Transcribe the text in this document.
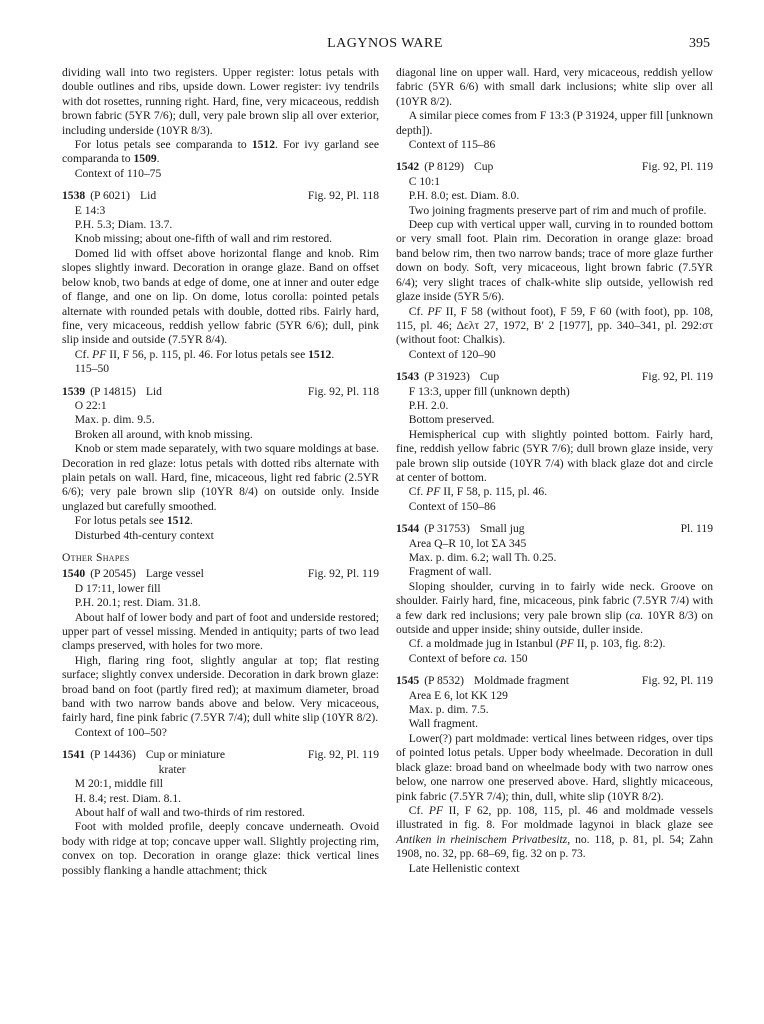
LAGYNOS WARE	395

dividing wall into two registers. Upper register: lotus petals with double outlines and ribs, upside down. Lower register: ivy tendrils with dot rosettes, running right. Hard, fine, very micaceous, reddish brown fabric (5YR 7/6); dull, very pale brown slip all over exterior, including underside (10YR 8/3).

For lotus petals see comparanda to 1512. For ivy garland see comparanda to 1509.

Context of 110–75

1538 (P 6021) Lid	Fig. 92, Pl. 118

E 14:3

P.H. 5.3; Diam. 13.7.

Knob missing; about one-fifth of wall and rim restored.

Domed lid with offset above horizontal flange and knob. Rim slopes slightly inward. Decoration in orange glaze. Band on offset below knob, two bands at edge of dome, one at inner and outer edge of flange, and one on lip. On dome, lotus corolla: pointed petals alternate with rounded petals with double, dotted ribs. Fairly hard, fine, very micaceous, reddish yellow fabric (5YR 6/6); dull, pink slip inside and outside (7.5YR 8/4).

Cf. PF II, F 56, p. 115, pl. 46. For lotus petals see 1512.

115–50

1539 (P 14815) Lid	Fig. 92, Pl. 118

O 22:1

Max. p. dim. 9.5.

Broken all around, with knob missing.

Knob or stem made separately, with two square moldings at base. Decoration in red glaze: lotus petals with dotted ribs alternate with plain petals on wall. Hard, fine, micaceous, light red fabric (2.5YR 6/6); very pale brown slip (10YR 8/4) on outside only. Inside unglazed but carefully smoothed.

For lotus petals see 1512.

Disturbed 4th-century context

Other Shapes

1540 (P 20545) Large vessel	Fig. 92, Pl. 119

D 17:11, lower fill

P.H. 20.1; rest. Diam. 31.8.

About half of lower body and part of foot and underside restored; upper part of vessel missing. Mended in antiquity; parts of two lead clamps preserved, with holes for two more.

High, flaring ring foot, slightly angular at top; flat resting surface; slightly convex underside. Decoration in dark brown glaze: broad band on foot (partly fired red); at maximum diameter, broad band with two narrow bands above and below. Very micaceous, fairly hard, fine pink fabric (7.5YR 7/4); dull white slip (10YR 8/2).

Context of 100–50?

1541 (P 14436) Cup or miniature
krater
Fig. 92, Pl. 119

M 20:1, middle fill

H. 8.4; rest. Diam. 8.1.

About half of wall and two-thirds of rim restored.

Foot with molded profile, deeply concave underneath. Ovoid body with ridge at top; concave upper wall. Slightly projecting rim, convex on top. Decoration in orange glaze: thick vertical lines possibly flanking a handle attachment; thick

diagonal line on upper wall. Hard, very micaceous, reddish yellow fabric (5YR 6/6) with small dark inclusions; white slip over all (10YR 8/2).

A similar piece comes from F 13:3 (P 31924, upper fill [unknown depth]).

Context of 115–86

1542 (P 8129) Cup	Fig. 92, Pl. 119

C 10:1

P.H. 8.0; est. Diam. 8.0.

Two joining fragments preserve part of rim and much of profile.

Deep cup with vertical upper wall, curving in to rounded bottom or very small foot. Plain rim. Decoration in orange glaze: broad band below rim, then two narrow bands; trace of more glaze further down on body. Soft, very micaceous, light brown fabric (7.5YR 6/4); very slight traces of chalk-white slip outside, yellowish red glaze inside (5YR 5/6).

Cf. PF II, F 58 (without foot), F 59, F 60 (with foot), pp. 108, 115, pl. 46; Δελτ 27, 1972, B′ 2 [1977], pp. 340–341, pl. 292:στ (without foot: Chalkis).

Context of 120–90

1543 (P 31923) Cup	Fig. 92, Pl. 119

F 13:3, upper fill (unknown depth)

P.H. 2.0.

Bottom preserved.

Hemispherical cup with slightly pointed bottom. Fairly hard, fine, reddish yellow fabric (5YR 7/6); dull brown glaze inside, very pale brown slip outside (10YR 7/4) with black glaze dot and circle at center of bottom.

Cf. PF II, F 58, p. 115, pl. 46.

Context of 150–86

1544 (P 31753) Small jug	Pl. 119

Area Q–R 10, lot ΣΑ 345

Max. p. dim. 6.2; wall Th. 0.25.

Fragment of wall.

Sloping shoulder, curving in to fairly wide neck. Groove on shoulder. Fairly hard, fine, micaceous, pink fabric (7.5YR 7/4) with a few dark red inclusions; very pale brown slip (ca. 10YR 8/3) on outside and upper inside; shiny outside, duller inside.

Cf. a moldmade jug in Istanbul (PF II, p. 103, fig. 8:2).

Context of before ca. 150

1545 (P 8532) Moldmade fragment	Fig. 92, Pl. 119

Area E 6, lot KK 129

Max. p. dim. 7.5.

Wall fragment.

Lower(?) part moldmade: vertical lines between ridges, over tips of pointed lotus petals. Upper body wheelmade. Decoration in dull black glaze: broad band on wheelmade body with two narrow ones below, one narrow one preserved above. Hard, slightly micaceous, pink fabric (7.5YR 7/4); thin, dull, white slip (10YR 8/2).

Cf. PF II, F 62, pp. 108, 115, pl. 46 and moldmade vessels illustrated in fig. 8. For moldmade lagynoi in black glaze see Antiken in rheinischem Privatbesitz, no. 118, p. 81, pl. 54; Zahn 1908, no. 32, pp. 68–69, fig. 32 on p. 73.

Late Hellenistic context
